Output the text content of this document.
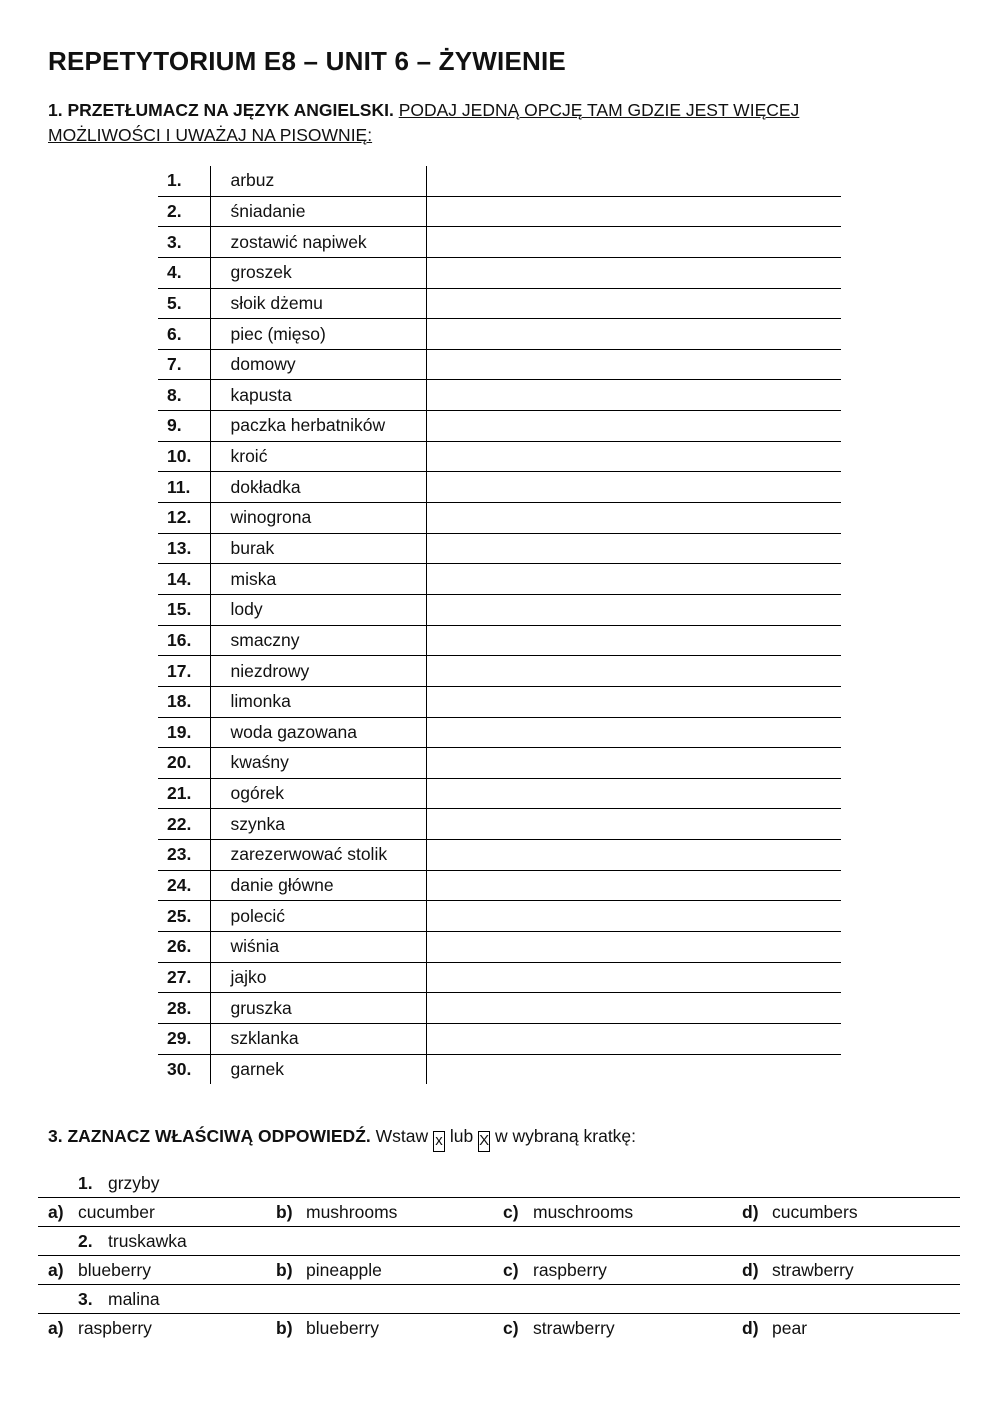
REPETYTORIUM E8 – UNIT 6 – ŻYWIENIE
1. PRZETŁUMACZ NA JĘZYK ANGIELSKI. PODAJ JEDNĄ OPCJĘ TAM GDZIE JEST WIĘCEJ MOŻLIWOŚCI I UWAŻAJ NA PISOWNIĘ:
1.	arbuz	
2.	śniadanie	
3.	zostawić napiwek	
4.	groszek	
5.	słoik dżemu	
6.	piec (mięso)	
7.	domowy	
8.	kapusta	
9.	paczka herbatników	
10.	kroić	
11.	dokładka	
12.	winogrona	
13.	burak	
14.	miska	
15.	lody	
16.	smaczny	
17.	niezdrowy	
18.	limonka	
19.	woda gazowana	
20.	kwaśny	
21.	ogórek	
22.	szynka	
23.	zarezerwować stolik	
24.	danie główne	
25.	polecić	
26.	wiśnia	
27.	jajko	
28.	gruszka	
29.	szklanka	
30.	garnek	
3. ZAZNACZ WŁAŚCIWĄ ODPOWIEDŹ. Wstaw x lub X w wybraną kratkę:
1. grzyby
a) cucumber	b) mushrooms	c) muschrooms	d) cucumbers
2. truskawka
a) blueberry	b) pineapple	c) raspberry	d) strawberry
3. malina
a) raspberry	b) blueberry	c) strawberry	d) pear
